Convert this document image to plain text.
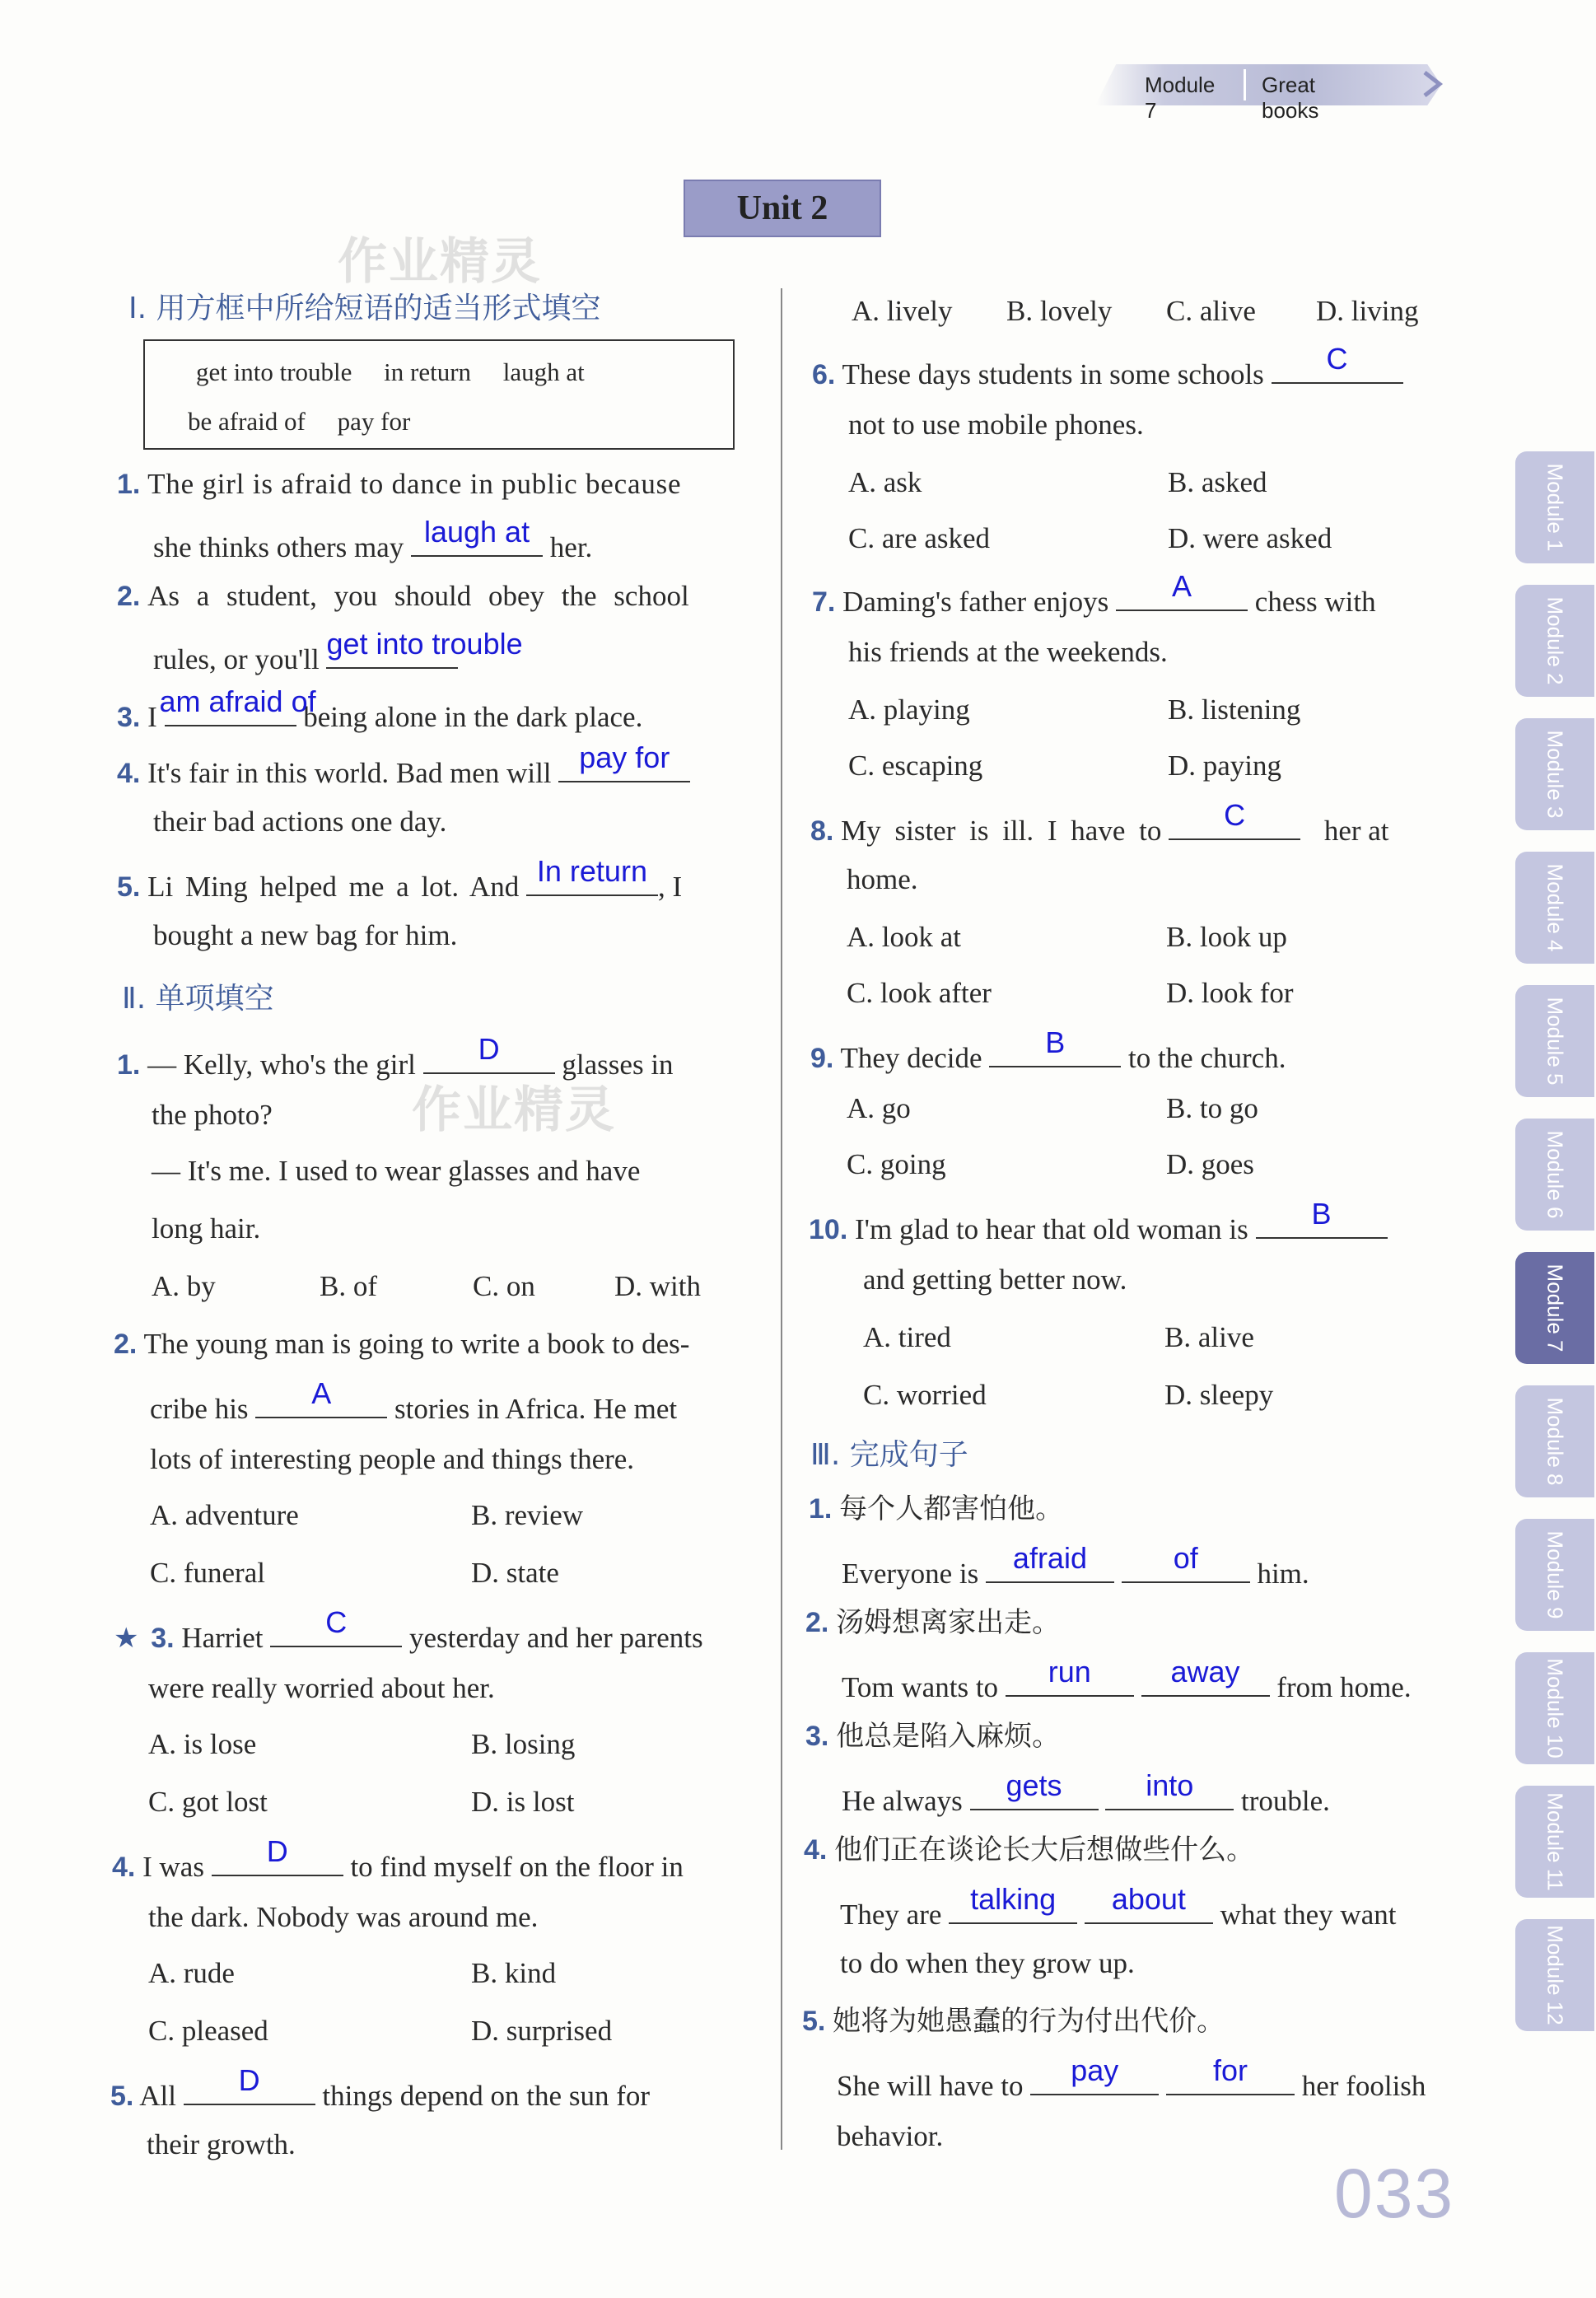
Module 7
Great books
Unit 2
作业精灵
作业精灵
Ⅰ. 用方框中所给短语的适当形式填空
get into trouble in return laugh at
be afraid of pay for
1. The girl is afraid to dance in public because
she thinks others may laugh at her.
2. As a student, you should obey the school
rules, or you'll get into trouble
3. I am afraid of
being alone in the dark place.
4. It's fair in this world. Bad men will pay for
their bad actions one day.
5. Li Ming helped me a lot. And In return , I
bought a new bag for him.
Ⅱ. 单项填空
1. — Kelly, who's the girl	D	glasses in
the photo?
— It's me. I used to wear glasses and have
long hair.
A. by	B. of	C. on	D. with
2. The young man is going to write a book to des-
cribe his	A	stories in Africa. He met
lots of interesting people and things there.
A. adventure	B. review
C. funeral	D. state
★ 3. Harriet	C	yesterday and her parents
were really worried about her.
A. is lose	B. losing
C. got lost	D. is lost
4. I was	D	to find myself on the floor in
the dark. Nobody was around me.
A. rude	B. kind
C. pleased	D. surprised
5. All	D	things depend on the sun for
their growth.
A. lively B. lovely C. alive D. living
6. These days students in some schools	C
not to use mobile phones.
A. ask	B. asked
C. are asked	D. were asked
7. Daming's father enjoys	A	chess with
his friends at the weekends.
A. playing	B. listening
C. escaping	D. paying
8. My sister is ill. I have to	C	her at
home.
A. look at	B. look up
C. look after	D. look for
9. They decide	B	to the church.
A. go	B. to go
C. going	D. goes
10. I'm glad to hear that old woman is	B
and getting better now.
A. tired	B. alive
C. worried	D. sleepy
Ⅲ. 完成句子
1. 每个人都害怕他。
Everyone is	afraid
	of	him.
2. 汤姆想离家出走。
Tom wants to	run
	away	from home.
3. 他总是陷入麻烦。
He always	gets
	into	trouble.
4. 他们正在谈论长大后想做些什么。
They are talking
	about	what they want
to do when they grow up.
5. 她将为她愚蠢的行为付出代价。
She will have to	pay
	for	her foolish
behavior.
Module 1
Module 2
Module 3
Module 4
Module 5
Module 6
Module 7
Module 8
Module 9
Module 10
Module 11
Module 12
033
